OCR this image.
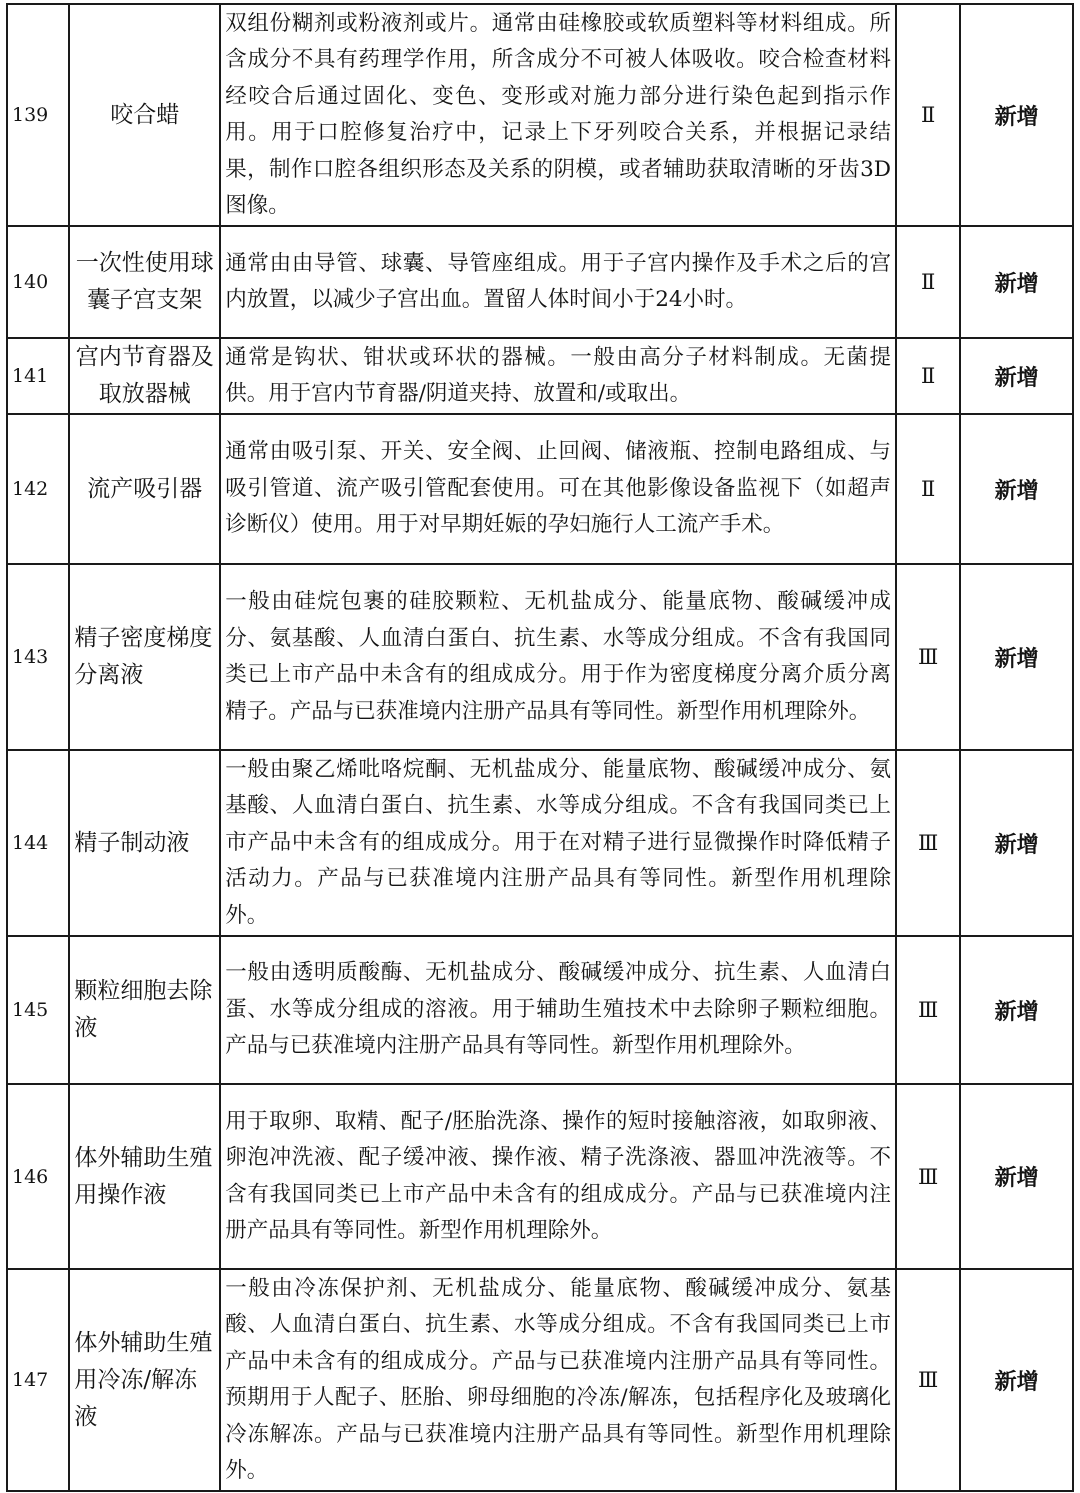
139	咬合蜡	双组份糊剂或粉液剂或片。通常由硅橡胶或软质塑料等材料组成。所含成分不具有药理学作用，所含成分不可被人体吸收。咬合检查材料经咬合后通过固化、变色、变形或对施力部分进行染色起到指示作用。用于口腔修复治疗中，记录上下牙列咬合关系，并根据记录结果，制作口腔各组织形态及关系的阴模，或者辅助获取清晰的牙齿3D图像。	Ⅱ	新增
140	一次性使用球囊子宫支架	通常由由导管、球囊、导管座组成。用于子宫内操作及手术之后的宫内放置，以减少子宫出血。置留人体时间小于24小时。	Ⅱ	新增
141	宫内节育器及取放器械	通常是钩状、钳状或环状的器械。一般由高分子材料制成。无菌提供。用于宫内节育器/阴道夹持、放置和/或取出。	Ⅱ	新增
142	流产吸引器	通常由吸引泵、开关、安全阀、止回阀、储液瓶、控制电路组成、与吸引管道、流产吸引管配套使用。可在其他影像设备监视下（如超声诊断仪）使用。用于对早期妊娠的孕妇施行人工流产手术。	Ⅱ	新增
143	精子密度梯度分离液	一般由硅烷包裹的硅胶颗粒、无机盐成分、能量底物、酸碱缓冲成分、氨基酸、人血清白蛋白、抗生素、水等成分组成。不含有我国同类已上市产品中未含有的组成成分。用于作为密度梯度分离介质分离精子。产品与已获准境内注册产品具有等同性。新型作用机理除外。	Ⅲ	新增
144	精子制动液	一般由聚乙烯吡咯烷酮、无机盐成分、能量底物、酸碱缓冲成分、氨基酸、人血清白蛋白、抗生素、水等成分组成。不含有我国同类已上市产品中未含有的组成成分。用于在对精子进行显微操作时降低精子活动力。产品与已获准境内注册产品具有等同性。新型作用机理除外。	Ⅲ	新增
145	颗粒细胞去除液	一般由透明质酸酶、无机盐成分、酸碱缓冲成分、抗生素、人血清白蛋、水等成分组成的溶液。用于辅助生殖技术中去除卵子颗粒细胞。产品与已获准境内注册产品具有等同性。新型作用机理除外。	Ⅲ	新增
146	体外辅助生殖用操作液	用于取卵、取精、配子/胚胎洗涤、操作的短时接触溶液，如取卵液、卵泡冲洗液、配子缓冲液、操作液、精子洗涤液、器皿冲洗液等。不含有我国同类已上市产品中未含有的组成成分。产品与已获准境内注册产品具有等同性。新型作用机理除外。	Ⅲ	新增
147	体外辅助生殖用冷冻/解冻液	一般由冷冻保护剂、无机盐成分、能量底物、酸碱缓冲成分、氨基酸、人血清白蛋白、抗生素、水等成分组成。不含有我国同类已上市产品中未含有的组成成分。产品与已获准境内注册产品具有等同性。预期用于人配子、胚胎、卵母细胞的冷冻/解冻，包括程序化及玻璃化冷冻解冻。产品与已获准境内注册产品具有等同性。新型作用机理除外。	Ⅲ	新增
